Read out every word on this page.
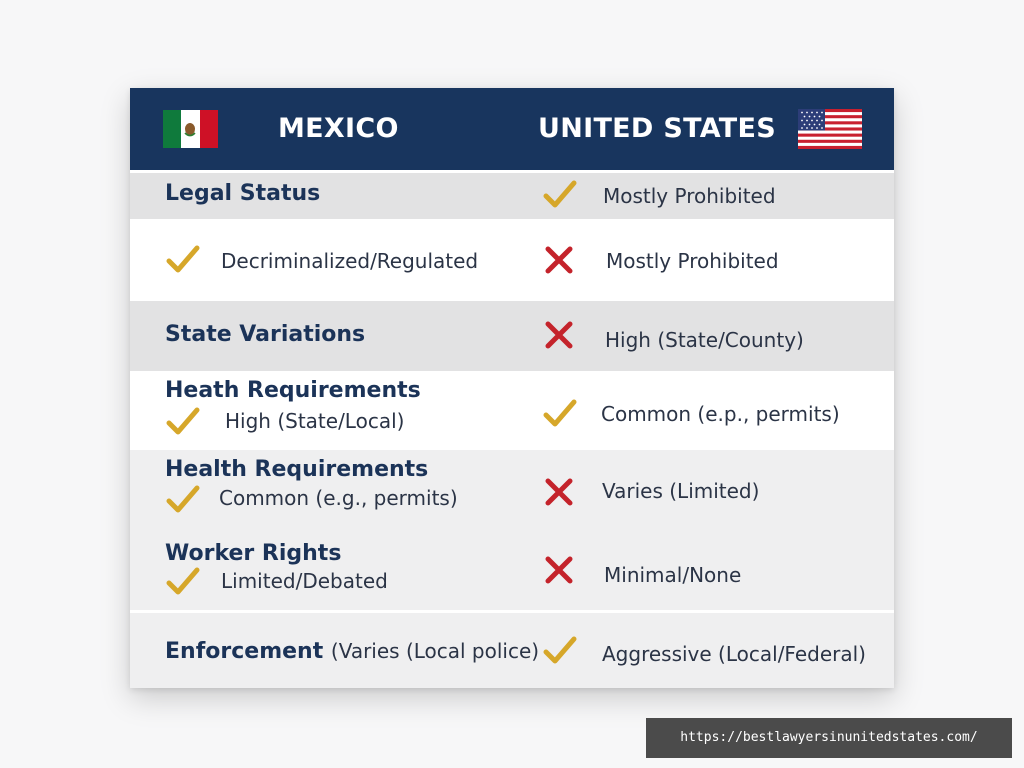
MEXICO	UNITED STATES
Legal Status	Mostly Prohibited
Decriminalized/Regulated	Mostly Prohibited
State Variations	High (State/County)
Heath Requirements
High (State/Local)	Common (e.p., permits)
Health Requirements
Common (e.g., permits)	Varies (Limited)
Worker Rights
Limited/Debated	Minimal/None
Enforcement (Varies (Local police)	Aggressive (Local/Federal)
https://bestlawyersinunitedstates.com/
